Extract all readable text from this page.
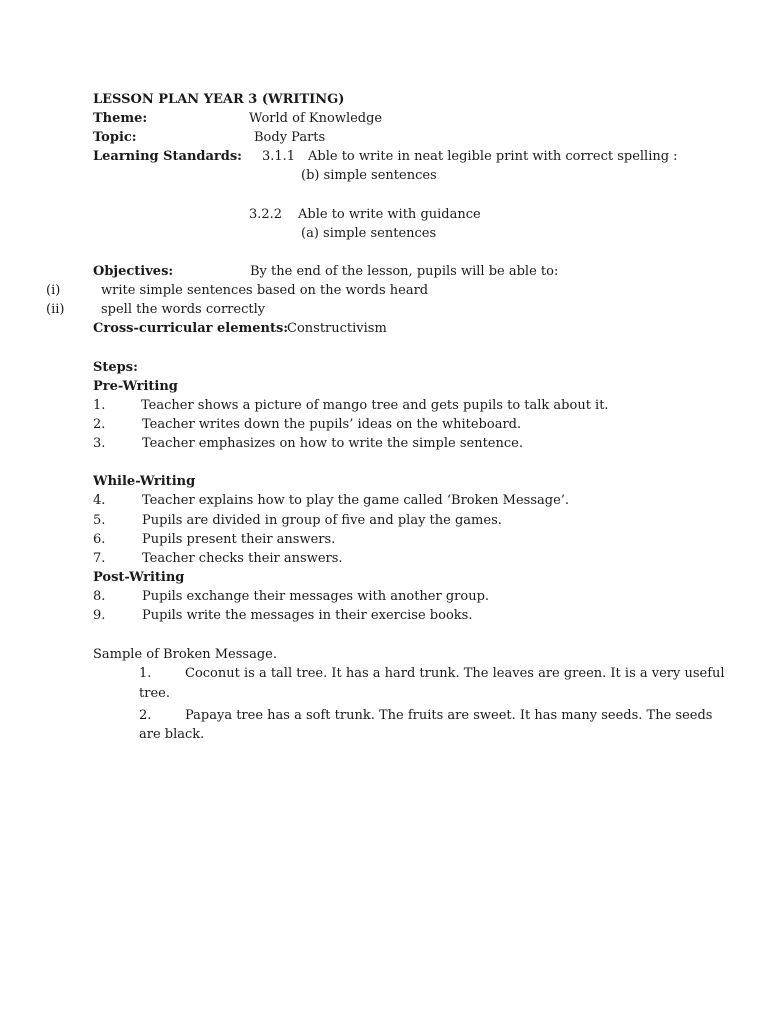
LESSON PLAN YEAR 3 (WRITING)
Theme:	World of Knowledge
Topic:	Body Parts
Learning Standards: 3.1.1 Able to write in neat legible print with correct spelling :
(b) simple sentences
3.2.2 Able to write with guidance
(a) simple sentences
Objectives:	By the end of the lesson, pupils will be able to:
(i)	write simple sentences based on the words heard
(ii)	spell the words correctly
Cross-curricular elements:
Constructivism
Steps:
Pre-Writing
1.	Teacher shows a picture of mango tree and gets pupils to talk about it.
2.	Teacher writes down the pupils’ ideas on the whiteboard.
3.	Teacher emphasizes on how to write the simple sentence.
While-Writing
4.	Teacher explains how to play the game called ‘Broken Message’.
5.	Pupils are divided in group of five and play the games.
6.	Pupils present their answers.
7.	Teacher checks their answers.
Post-Writing
8.	Pupils exchange their messages with another group.
9.	Pupils write the messages in their exercise books.
Sample of Broken Message.
1.	Coconut is a tall tree. It has a hard trunk. The leaves are green. It is a very useful
tree.
2.	Papaya tree has a soft trunk. The fruits are sweet. It has many seeds. The seeds
are black.
